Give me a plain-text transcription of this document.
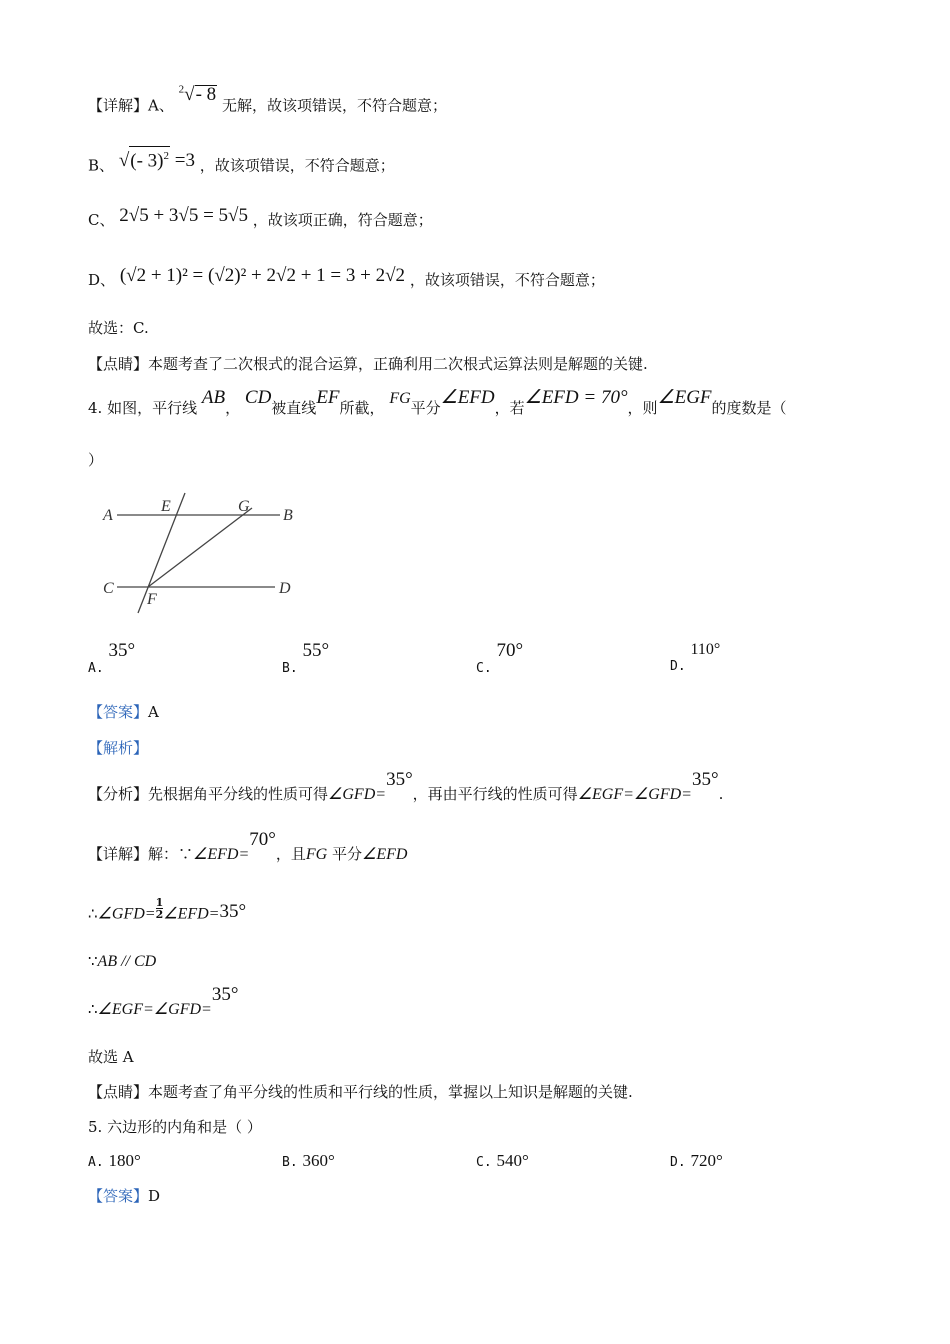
【详解】A、 $^2$√- 8 无解，故该项错误，不符合题意；
B、 √(- 3)$^2$ =3 ，故该项错误，不符合题意；
C、 2√5 + 3√5 = 5√5 ，故该项正确，符合题意；
D、 (√2 + 1)² = (√2)² + 2√2 + 1 = 3 + 2√2 ，故该项错误，不符合题意；
故选：C.
【点睛】本题考查了二次根式的混合运算，正确利用二次根式运算法则是解题的关键.
4. 如图，平行线 AB， CD被直线EF所截， FG平分∠EFD，若∠EFD = 70°，则∠EGF的度数是（
）
A	B
C	D
E
F
G
A. 35°
B. 55°
C. 70°
D. 110°
【答案】A
【解析】
【分析】先根据角平分线的性质可得∠GFD=35°，再由平行线的性质可得∠EGF=∠GFD=35°.
【详解】解：∵∠EFD=70°，且FG 平分∠EFD
∴∠GFD= $\frac{1}{2}$ ∠EFD=35°
∵AB // CD
∴∠EGF=∠GFD=35°
故选 A
【点睛】本题考查了角平分线的性质和平行线的性质，掌握以上知识是解题的关键.
5. 六边形的内角和是（ ）
A. 180°	B. 360°	C. 540°	D. 720°
【答案】D
